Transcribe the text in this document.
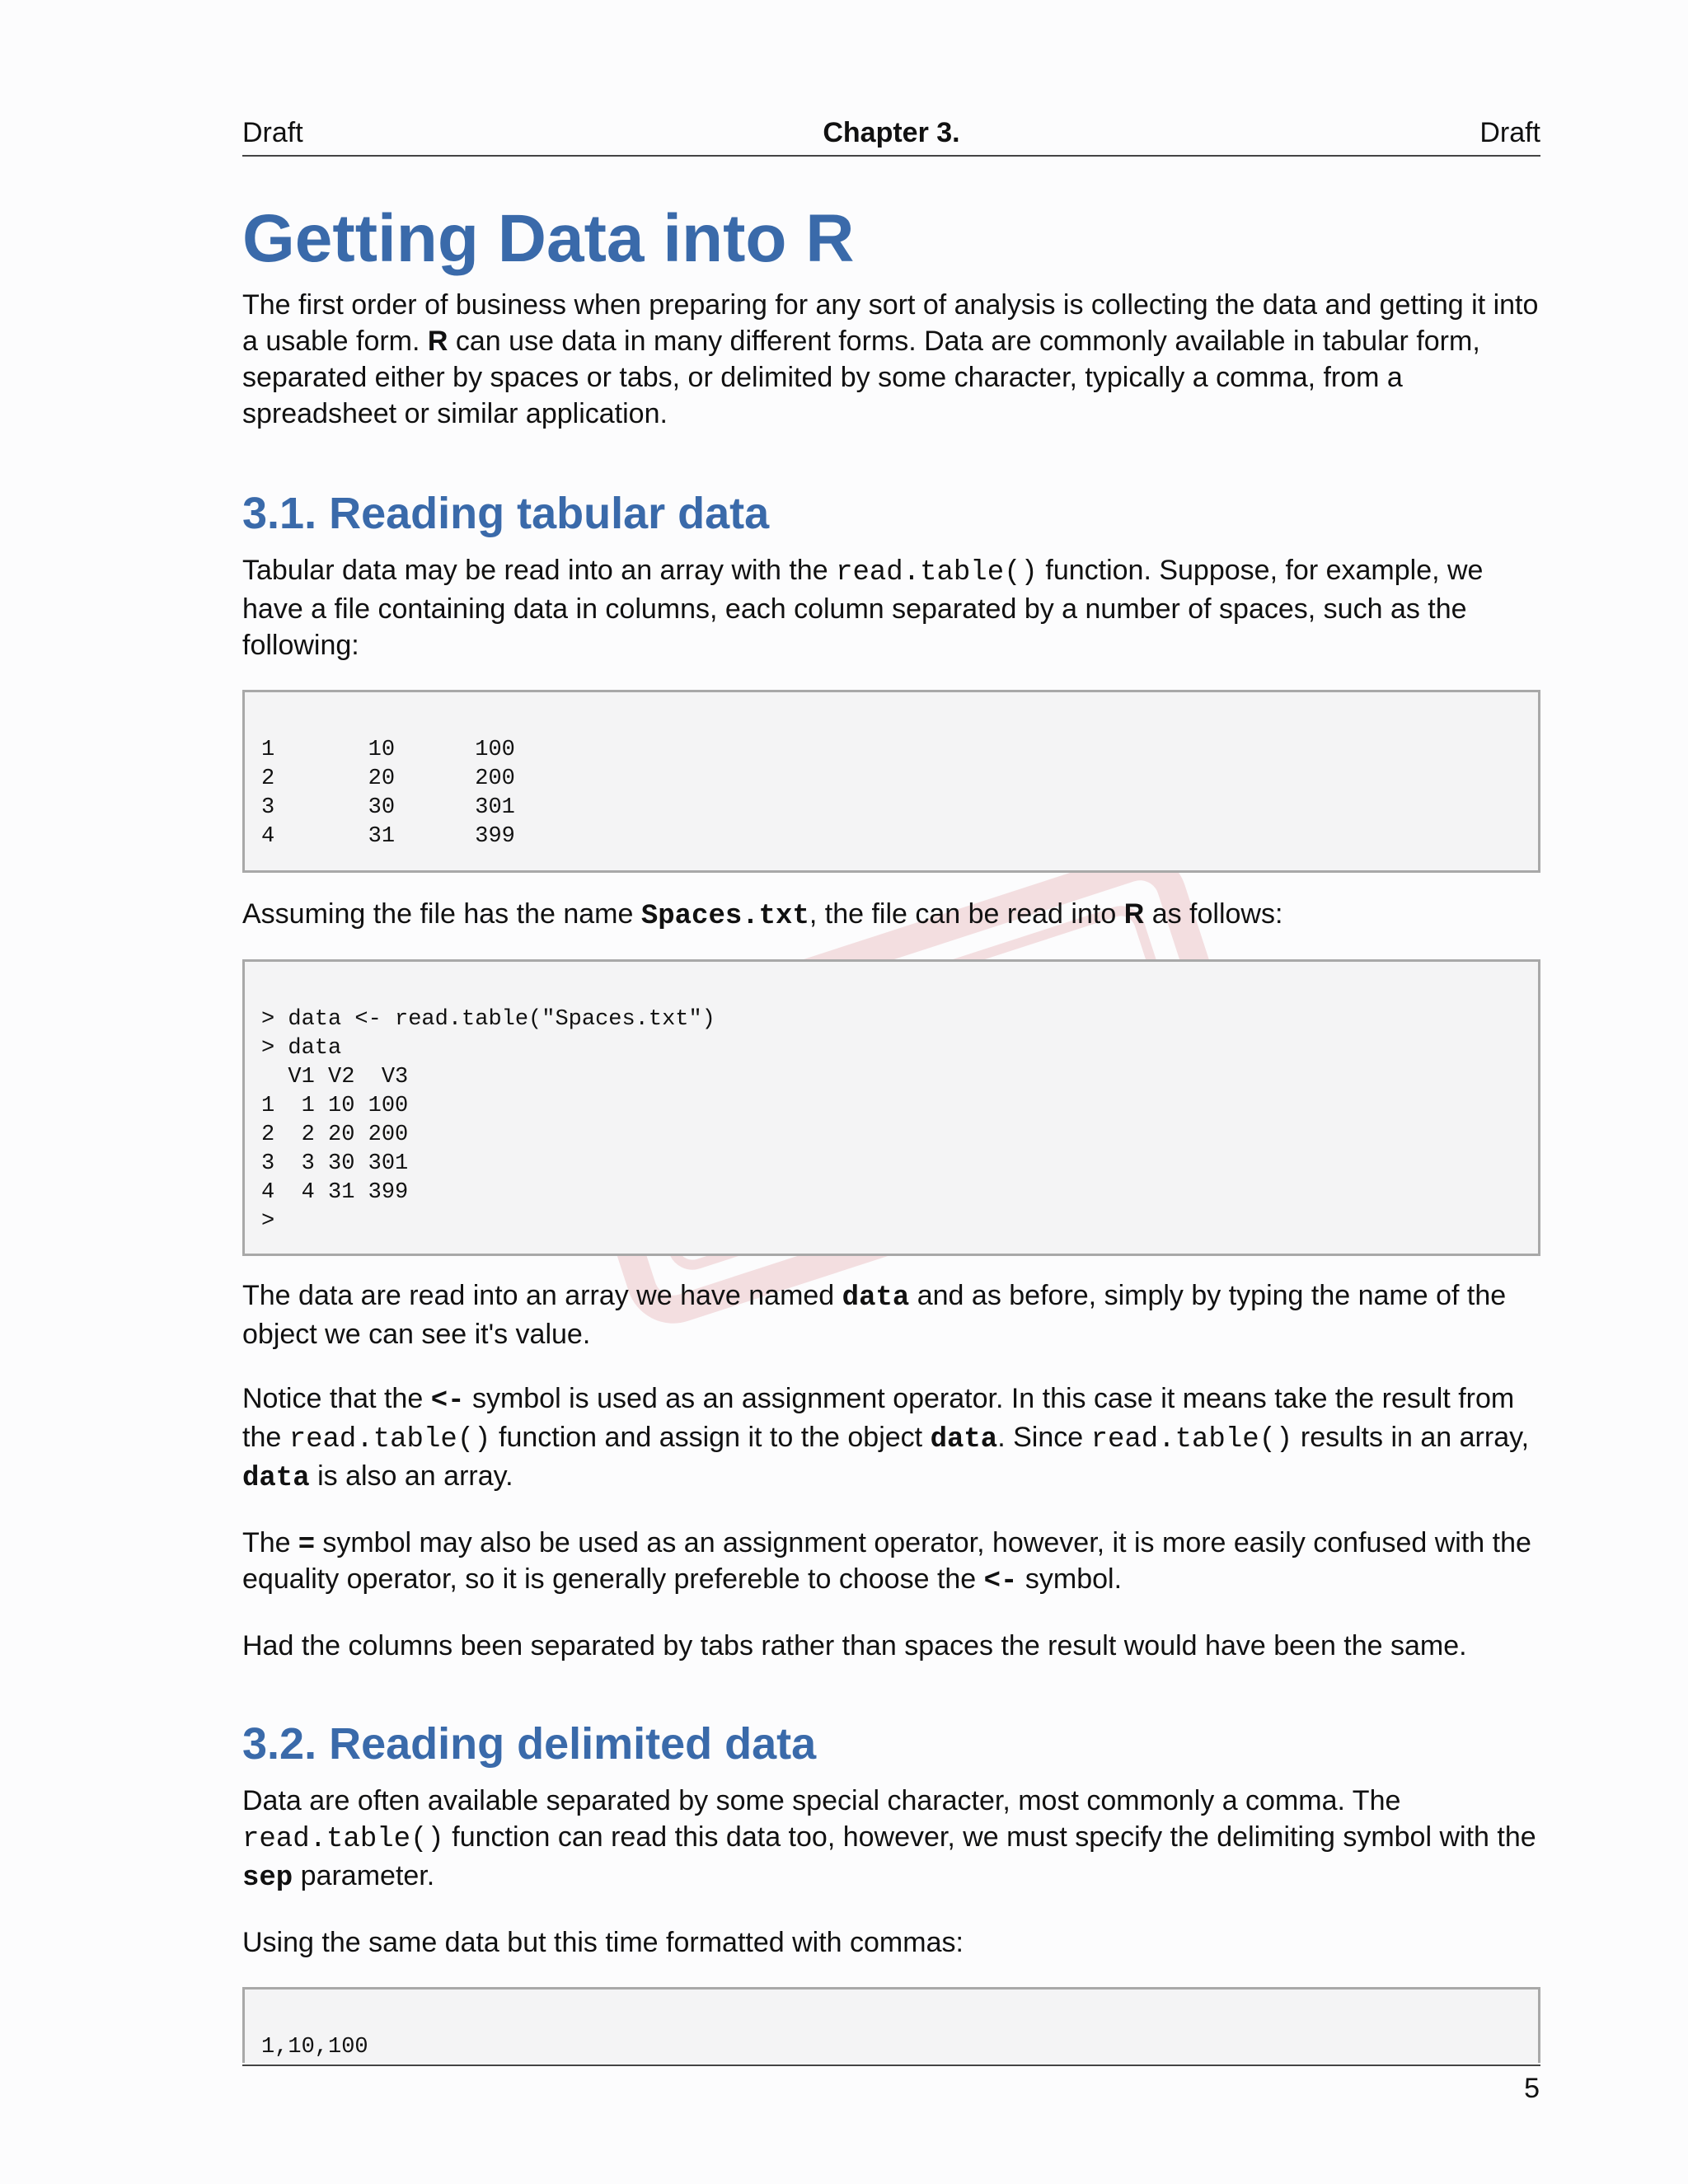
Draft	Chapter 3.	Draft
Getting Data into R

The first order of business when preparing for any sort of analysis is collecting the data and getting it into a usable form. R can use data in many different forms. Data are commonly available in tabular form, separated either by spaces or tabs, or delimited by some character, typically a comma, from a spreadsheet or similar application.

3.1. Reading tabular data

Tabular data may be read into an array with the read.table() function. Suppose, for example, we have a file containing data in columns, each column separated by a number of spaces, such as the following:

1       10      100
2       20      200
3       30      301
4       31      399

Assuming the file has the name Spaces.txt, the file can be read into R as follows:

> data <- read.table("Spaces.txt")
> data
V1 V2  V3
1  1 10 100
2  2 20 200
3  3 30 301
4  4 31 399
>

The data are read into an array we have named data and as before, simply by typing the name of the object we can see it's value.

Notice that the <- symbol is used as an assignment operator. In this case it means take the result from the read.table() function and assign it to the object data. Since read.table() results in an array, data is also an array.

The = symbol may also be used as an assignment operator, however, it is more easily confused with the equality operator, so it is generally prefereble to choose the <- symbol.

Had the columns been separated by tabs rather than spaces the result would have been the same.

3.2. Reading delimited data

Data are often available separated by some special character, most commonly a comma. The read.table() function can read this data too, however, we must specify the delimiting symbol with the sep parameter.

Using the same data but this time formatted with commas:

1,10,100
5
